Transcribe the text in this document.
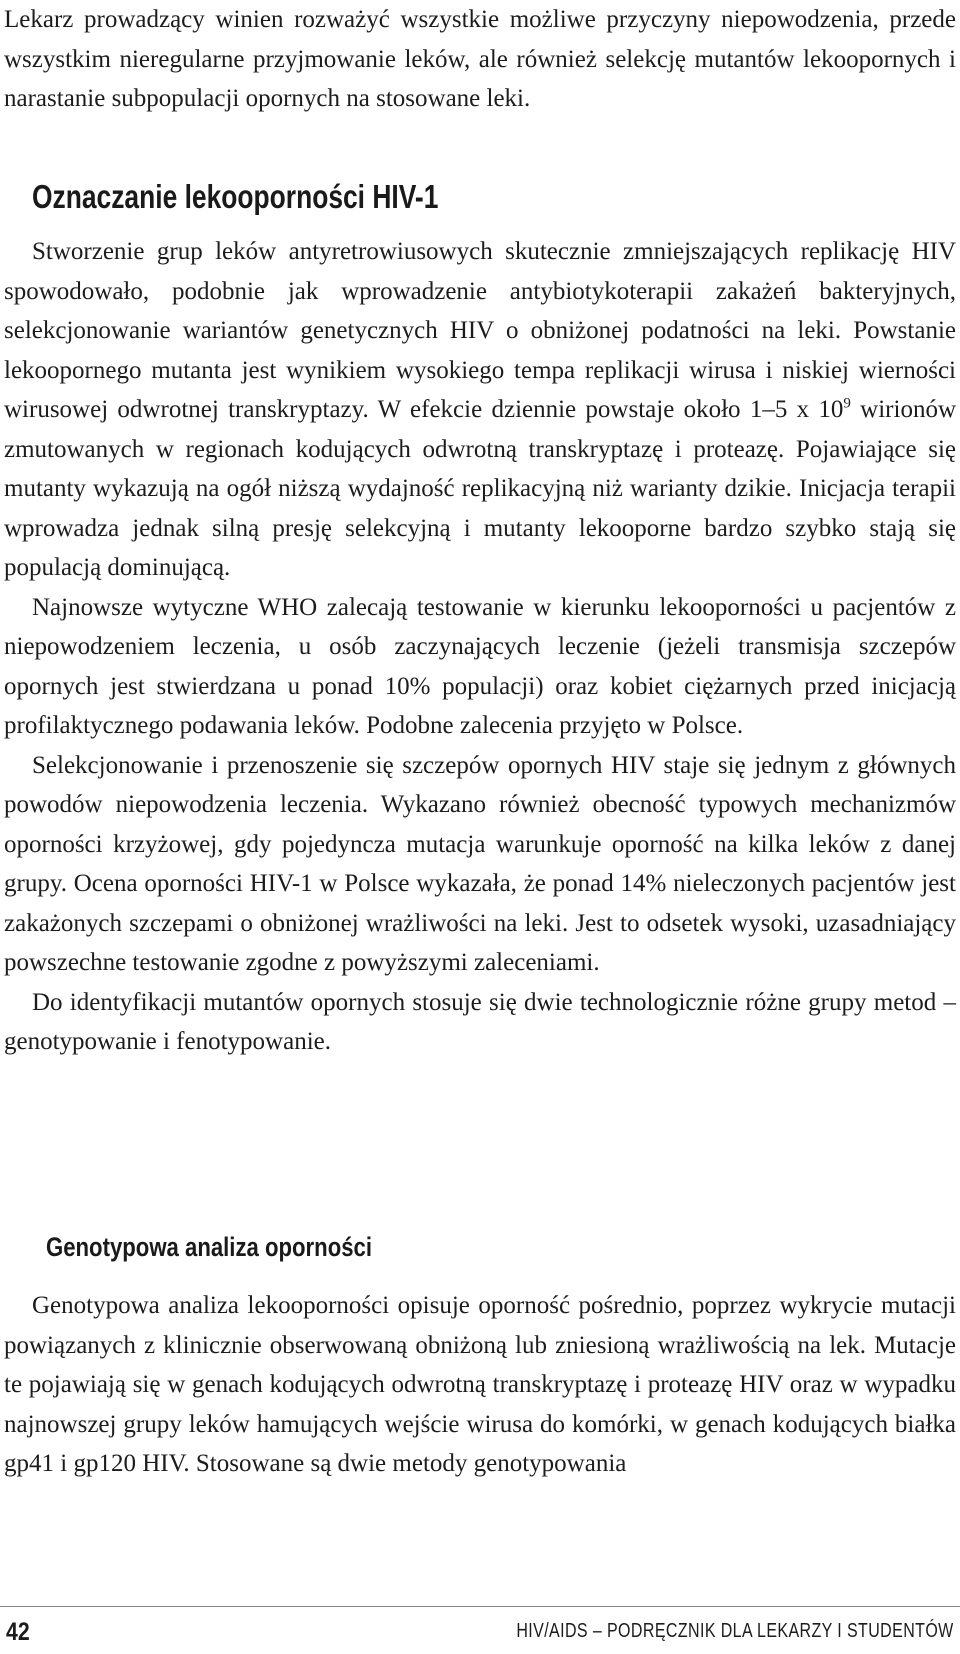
Lekarz prowadzący winien rozważyć wszystkie możliwe przyczyny niepowodzenia, przede wszystkim nieregularne przyjmowanie leków, ale również selekcję mutantów lekoopornych i narastanie subpopulacji opornych na stosowane leki.

Oznaczanie lekooporności HIV-1

Stworzenie grup leków antyretrowiusowych skutecznie zmniejszających replikację HIV spowodowało, podobnie jak wprowadzenie antybiotykoterapii zakażeń bakteryjnych, selekcjonowanie wariantów genetycznych HIV o obniżonej podatności na leki. Powstanie lekoopornego mutanta jest wynikiem wysokiego tempa replikacji wirusa i niskiej wierności wirusowej odwrotnej transkryptazy. W efekcie dziennie powstaje około 1–5 x $10^9$ wirionów zmutowanych w regionach kodujących odwrotną transkryptazę i proteazę. Pojawiające się mutanty wykazują na ogół niższą wydajność replikacyjną niż warianty dzikie. Inicjacja terapii wprowadza jednak silną presję selekcyjną i mutanty lekooporne bardzo szybko stają się populacją dominującą.

Najnowsze wytyczne WHO zalecają testowanie w kierunku lekooporności u pacjentów z niepowodzeniem leczenia, u osób zaczynających leczenie (jeżeli transmisja szczepów opornych jest stwierdzana u ponad 10% populacji) oraz kobiet ciężarnych przed inicjacją profilaktycznego podawania leków. Podobne zalecenia przyjęto w Polsce.

Selekcjonowanie i przenoszenie się szczepów opornych HIV staje się jednym z głównych powodów niepowodzenia leczenia. Wykazano również obecność typowych mechanizmów oporności krzyżowej, gdy pojedyncza mutacja warunkuje oporność na kilka leków z danej grupy. Ocena oporności HIV-1 w Polsce wykazała, że ponad 14% nieleczonych pacjentów jest zakażonych szczepami o obniżonej wrażliwości na leki. Jest to odsetek wysoki, uzasadniający powszechne testowanie zgodne z powyższymi zaleceniami.

Do identyfikacji mutantów opornych stosuje się dwie technologicznie różne grupy metod – genotypowanie i fenotypowanie.

Genotypowa analiza oporności

Genotypowa analiza lekooporności opisuje oporność pośrednio, poprzez wykrycie mutacji powiązanych z klinicznie obserwowaną obniżoną lub zniesioną wrażliwością na lek. Mutacje te pojawiają się w genach kodujących odwrotną transkryptazę i proteazę HIV oraz w wypadku najnowszej grupy leków hamujących wejście wirusa do komórki, w genach kodujących białka gp41 i gp120 HIV. Stosowane są dwie metody genotypowania

42	HIV/AIDS – PODRĘCZNIK DLA LEKARZY I STUDENTÓW
